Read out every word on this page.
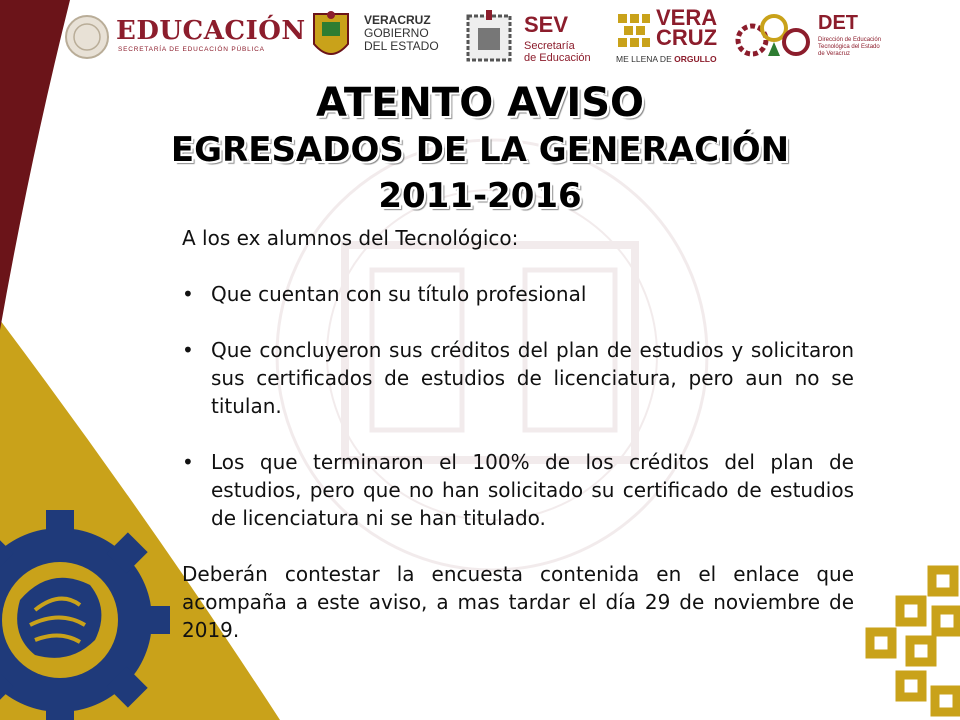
EDUCACIÓN
SECRETARÍA DE EDUCACIÓN PÚBLICA
VERACRUZ
GOBIERNO
DEL ESTADO
SEV
Secretaría
de Educación
VERA
CRUZ
ME LLENA DE ORGULLO
DET
Dirección de Educación
Tecnológica del Estado
de Veracruz
ATENTO AVISO
EGRESADOS DE LA GENERACIÓN
2011-2016

A los ex alumnos del Tecnológico:

• Que cuentan con su título profesional
• Que concluyeron sus créditos del plan de estudios y solicitaron sus certificados de estudios de licenciatura, pero aun no se titulan.
• Los que terminaron el 100% de los créditos del plan de estudios, pero que no han solicitado su certificado de estudios de licenciatura ni se han titulado.

Deberán contestar la encuesta contenida en el enlace que acompaña a este aviso, a mas tardar el día 29 de noviembre de 2019.
